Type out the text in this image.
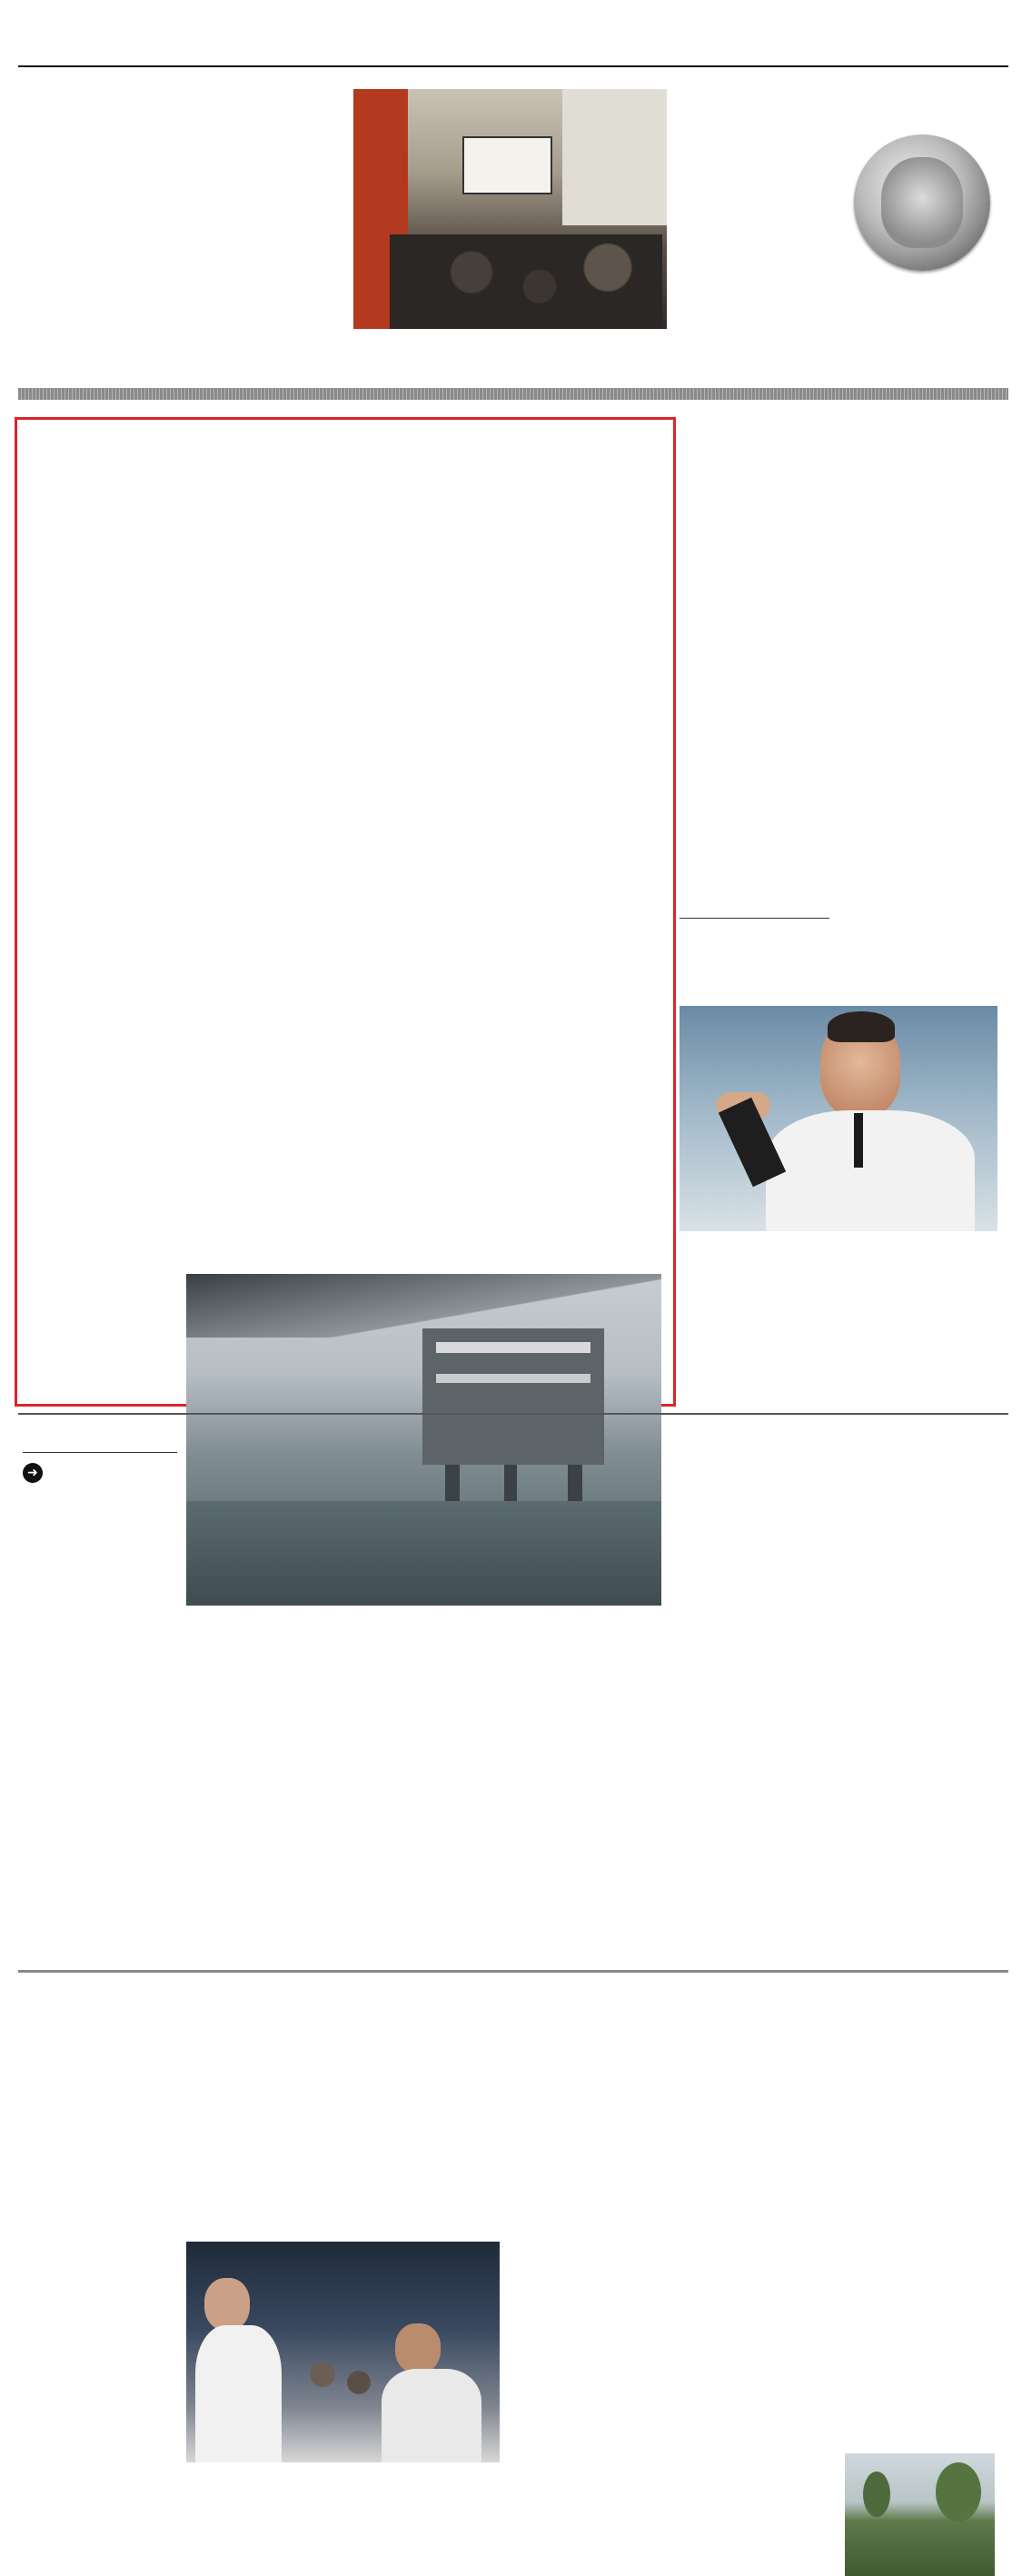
➜
